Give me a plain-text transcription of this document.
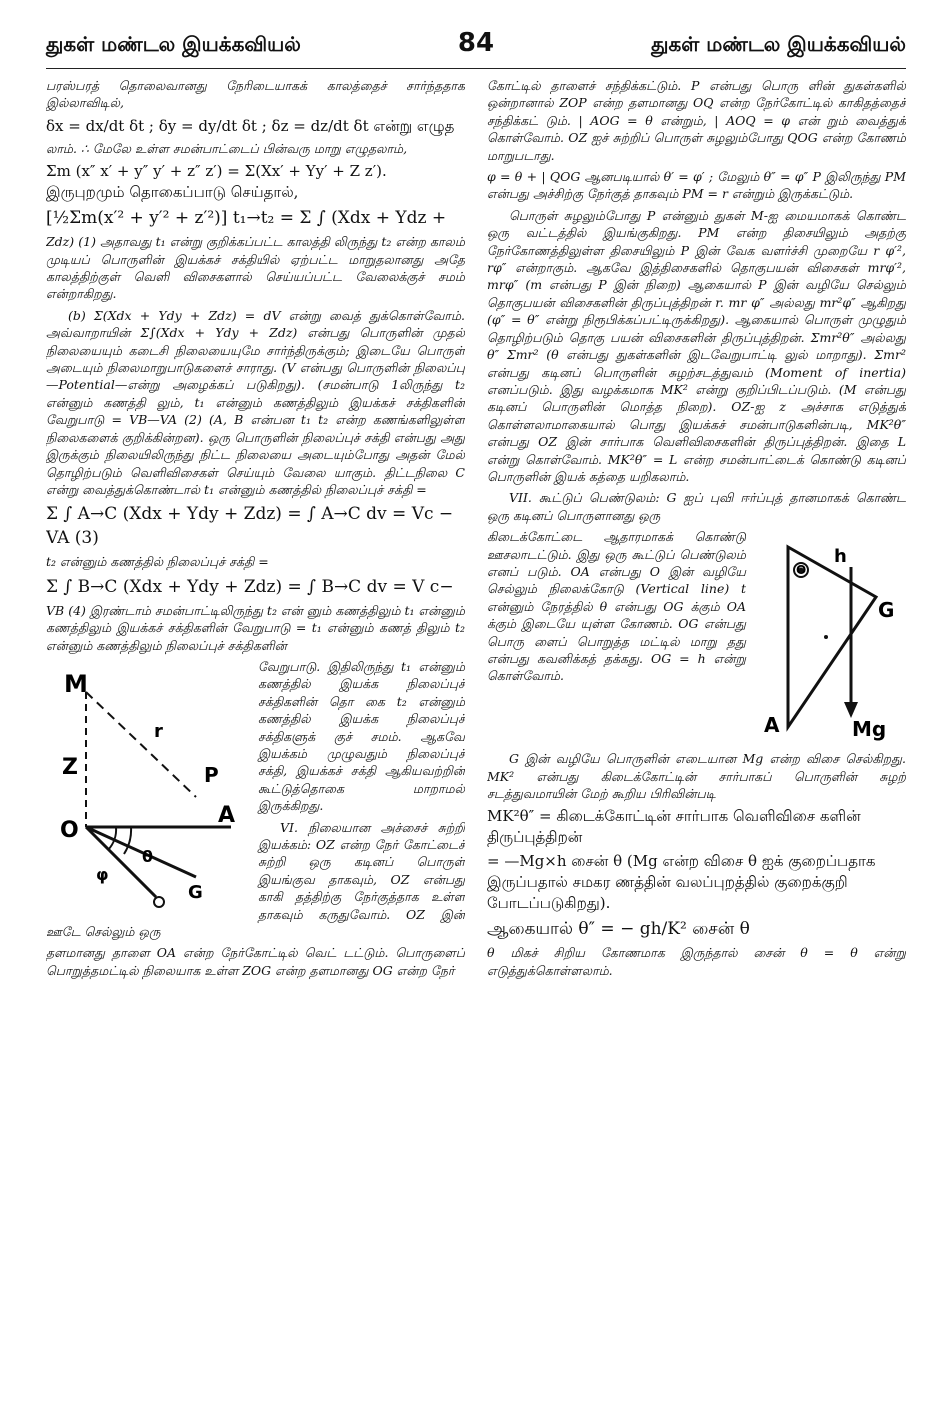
துகள் மண்டல இயக்கவியல்	84	துகள் மண்டல இயக்கவியல்

பரஸ்பரத் தொலைவானது நேரிடையாகக் காலத்தைச் சார்ந்ததாக இல்லாவிடில்,

δx = dx/dt δt ; δy = dy/dt δt ; δz = dz/dt δt என்று எழுத

லாம். ∴ மேலே உள்ள சமன்பாட்டைப் பின்வரு மாறு எழுதலாம்,

Σm (x″ x′ + y″ y′ + z″ z′) = Σ(Xx′ + Yy′ + Z z′). இருபுறமும் தொகைப்பாடு செய்தால்,

[½Σm(x′² + y′² + z′²)] t₁→t₂ = Σ ∫ (Xdx + Ydz +

Zdz) (1) அதாவது t₁ என்று குறிக்கப்பட்ட காலத்தி லிருந்து t₂ என்ற காலம் முடியப் பொருளின் இயக்கச் சக்தியில் ஏற்பட்ட மாறுதலானது அதே காலத்திற்குள் வெளி விசைகளால் செய்யப்பட்ட வேலைக்குச் சமம் என்றாகிறது.

(b) Σ(Xdx + Ydy + Zdz) = dV என்று வைத் துக்கொள்வோம். அவ்வாறாயின் Σ∫(Xdx + Ydy + Zdz) என்பது பொருளின் முதல் நிலையையும் கடைசி நிலையையுமே சார்ந்திருக்கும்; இடையே பொருள் அடையும் நிலைமாறுபாடுகளைச் சாராது. (V என்பது பொருளின் நிலைப்பு—Potential—என்று அழைக்கப் படுகிறது). (சமன்பாடு 1லிருந்து t₂ என்னும் கணத்தி லும், t₁ என்னும் கணத்திலும் இயக்கச் சக்திகளின் வேறுபாடு = VB—VA (2) (A, B என்பன t₁ t₂ என்ற கணங்களிலுள்ள நிலைகளைக் குறிக்கின்றன). ஒரு பொருளின் நிலைப்புச் சக்தி என்பது அது இருக்கும் நிலையிலிருந்து நிட்ட நிலையை அடையும்போது அதன் மேல் தொழிற்படும் வெளிவிசைகள் செய்யும் வேலை யாகும். திட்டநிலை C என்று வைத்துக்கொண்டால் t₁ என்னும் கணத்தில் நிலைப்புச் சக்தி =

Σ ∫ A→C (Xdx + Ydy + Zdz) = ∫ A→C dv = Vc − VA (3)

t₂ என்னும் கணத்தில் நிலைப்புச் சக்தி =

Σ ∫ B→C (Xdx + Ydy + Zdz) = ∫ B→C dv = V c−

VB (4) இரண்டாம் சமன்பாட்டிலிருந்து t₂ என் னும் கணத்திலும் t₁ என்னும் கணத்திலும் இயக்கச் சக்திகளின் வேறுபாடு = t₁ என்னும் கணத் திலும் t₂ என்னும் கணத்திலும் நிலைப்புச் சக்திகளின்

M
r
Z	P
O
A
θ
φ
G

வேறுபாடு. இதிலிருந்து t₁ என்னும் கணத்தில் இயக்க நிலைப்புச் சக்திகளின் தொ கை t₂ என்னும் கணத்தில் இயக்க நிலைப்புச் சக்திகளுக் குச் சமம். ஆகவே இயக்கம் முழுவதும் நிலைப்புச் சக்தி, இயக்கச் சக்தி ஆகியவற்றின் கூட்டுத்தொகை மாறாமல் இருக்கிறது.

VI. நிலையான அச்சைச் சுற்றி இயக்கம்: OZ என்ற நேர் கோட்டைச் சுற்றி ஒரு கடினப் பொருள் இயங்குவ தாகவும், OZ என்பது காகி தத்திற்கு நேர்குத்தாக உள்ள தாகவும் கருதுவோம். OZ இன் ஊடே செல்லும் ஒரு

தளமானது தாளை OA என்ற நேர்கோட்டில் வெட் டட்டும். பொருளைப் பொறுத்தமட்டில் நிலையாக உள்ள ZOG என்ற தளமானது OG என்ற நேர்

கோட்டில் தாளைச் சந்திக்கட்டும். P என்பது பொரு ளின் துகள்களில் ஒன்றானால் ZOP என்ற தளமானது OQ என்ற நேர்கோட்டில் காகிதத்தைச் சந்திக்கட் டும். | AOG = θ என்றும், | AOQ = φ என் றும் வைத்துக் கொள்வோம். OZ ஐச் சுற்றிப் பொருள் சுழலும்போது QOG என்ற கோணம் மாறுபடாது.

φ = θ + | QOG ஆனபடியால் θ′ = φ′ ; மேலும் θ″ = φ″ P இலிருந்து PM என்பது அச்சிற்கு நேர்குத் தாகவும் PM = r என்றும் இருக்கட்டும்.

பொருள் சுழலும்போது P என்னும் துகள் M-ஐ மையமாகக் கொண்ட ஒரு வட்டத்தில் இயங்குகிறது. PM என்ற திசையிலும் அதற்கு நேர்கோணத்திலுள்ள திசையிலும் P இன் வேக வளர்ச்சி முறையே r φ′², rφ″ என்றாகும். ஆகவே இத்திசைகளில் தொகுபயன் விசைகள் mrφ′², mrφ″ (m என்பது P இன் நிறை) ஆகையால் P இன் வழியே செல்லும் தொகுபயன் விசைகளின் திருப்புத்திறன் r. mr φ″ அல்லது mr²φ″ ஆகிறது (φ″ = θ″ என்று நிரூபிக்கப்பட்டிருக்கிறது). ஆகையால் பொருள் முழுதும் தொழிற்படும் தொகு பயன் விசைகளின் திருப்புத்திறன். Σmr²θ″ அல்லது θ″ Σmr² (θ என்பது துகள்களின் இடவேறுபாட்டி லுல் மாறாது). Σmr² என்பது கடினப் பொருளின் சுழற்சடத்துவம் (Moment of inertia) எனப்படும். இது வழக்கமாக MK² என்று குறிப்பிடப்படும். (M என்பது கடினப் பொருளின் மொத்த நிறை). OZ-ஐ z அச்சாக எடுத்துக் கொள்ளலாமாகையால் பொது இயக்கச் சமன்பாடுகளின்படி, MK²θ″ என்பது OZ இன் சார்பாக வெளிவிசைகளின் திருப்புத்திறன். இதை L என்று கொள்வோம். MK²θ″ = L என்ற சமன்பாட்டைக் கொண்டு கடினப் பொருளின் இயக் கத்தை யறிகலாம்.

VII. கூட்டுப் பெண்டுலம்: G ஐப் புவி ஈர்ப்புத் தானமாகக் கொண்ட ஒரு கடினப் பொருளானது ஒரு

O
h
G
Mg
A

கிடைக்கோட்டை ஆதாரமாகக் கொண்டு ஊசலாடட்டும். இது ஒரு கூட்டுப் பெண்டுலம் எனப் படும். OA என்பது O இன் வழியே செல்லும் நிலைக்கோடு (Vertical line) t என்னும் நேரத்தில் θ என்பது OG க்கும் OA க்கும் இடையே யுள்ள கோணம். OG என்பது பொரு ளைப் பொறுத்த மட்டில் மாறு தது என்பது கவனிக்கத் தக்கது. OG = h என்று கொள்வோம்.

G இன் வழியே பொருளின் எடையான Mg என்ற விசை செல்கிறது. MK² என்பது கிடைக்கோட்டின் சார்பாகப் பொருளின் சுழற் சடத்துவமாயின் மேற் கூறிய பிரிவின்படி

MK²θ″ = கிடைக்கோட்டின் சார்பாக வெளிவிசை களின் திருப்புத்திறன்

= —Mg×h சைன் θ (Mg என்ற விசை θ ஐக் குறைப்பதாக இருப்பதால் சமகர ணத்தின் வலப்புறத்தில் குறைக்குறி போடப்படுகிறது).

ஆகையால் θ″ = − gh/K² சைன் θ

θ மிகச் சிறிய கோணமாக இருந்தால் சைன் θ = θ என்று எடுத்துக்கொள்ளலாம்.
